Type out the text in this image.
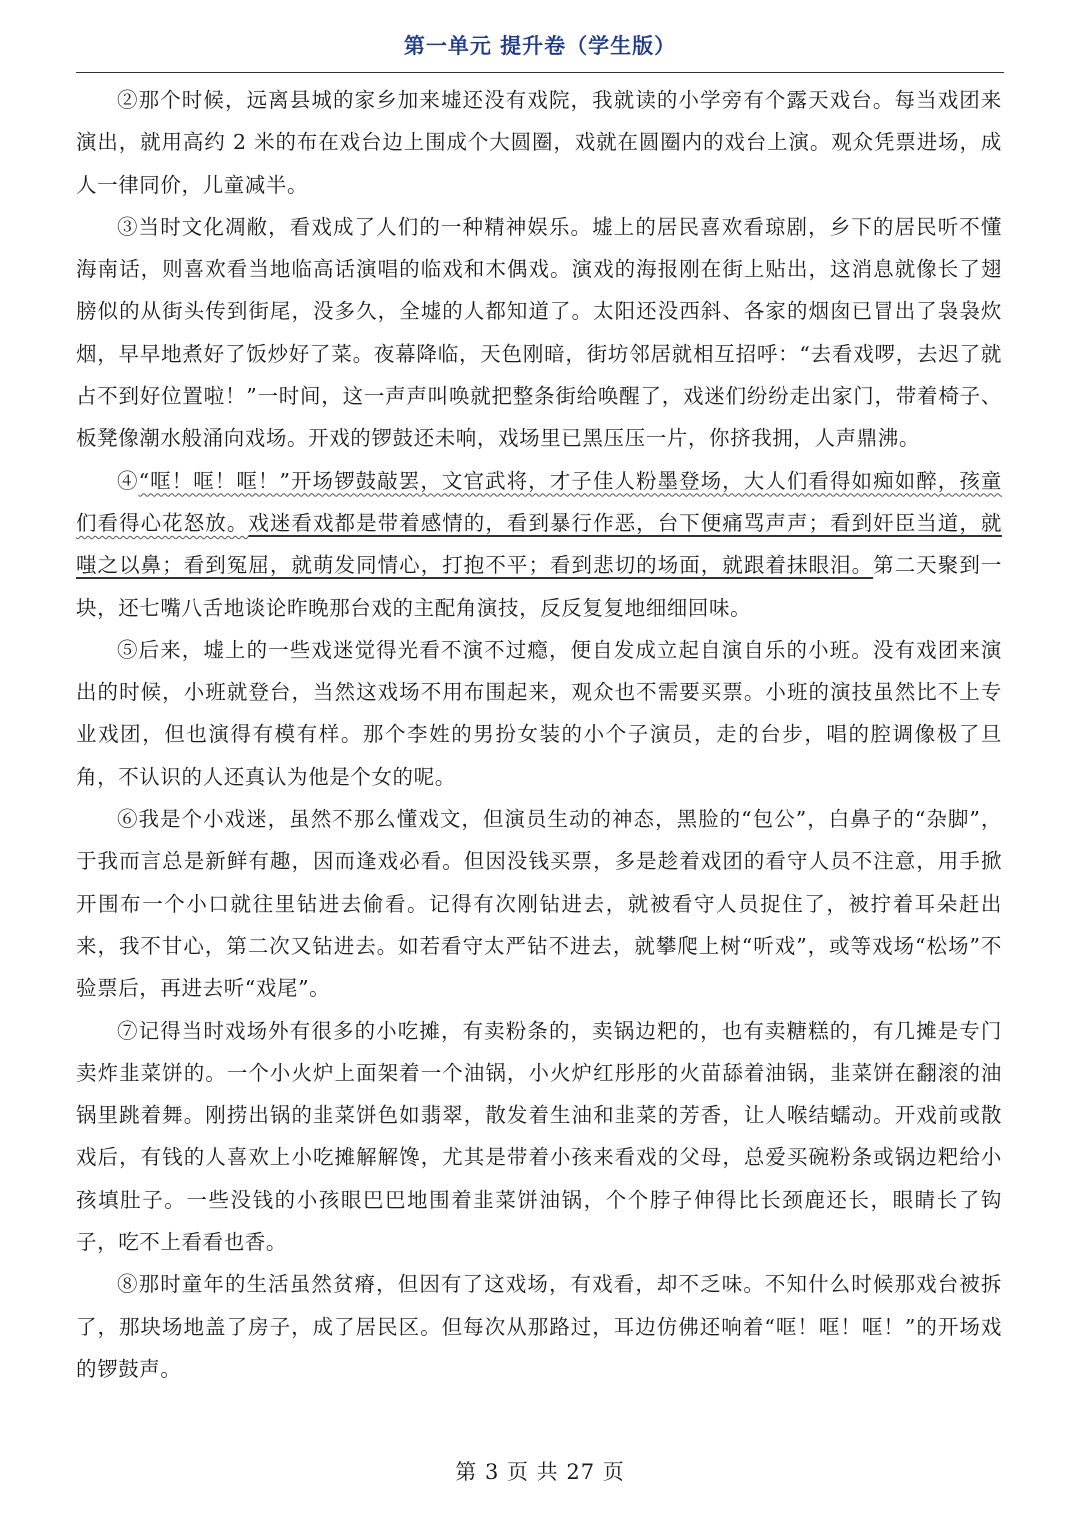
第一单元 提升卷（学生版）

②那个时候，远离县城的家乡加来墟还没有戏院，我就读的小学旁有个露天戏台。每当戏团来演出，就用高约 2 米的布在戏台边上围成个大圆圈，戏就在圆圈内的戏台上演。观众凭票进场，成人一律同价，儿童减半。

③当时文化凋敝，看戏成了人们的一种精神娱乐。墟上的居民喜欢看琼剧，乡下的居民听不懂海南话，则喜欢看当地临高话演唱的临戏和木偶戏。演戏的海报刚在街上贴出，这消息就像长了翅膀似的从街头传到街尾，没多久，全墟的人都知道了。太阳还没西斜、各家的烟囱已冒出了袅袅炊烟，早早地煮好了饭炒好了菜。夜幕降临，天色刚暗，街坊邻居就相互招呼：“去看戏啰，去迟了就占不到好位置啦！”一时间，这一声声叫唤就把整条街给唤醒了，戏迷们纷纷走出家门，带着椅子、板凳像潮水般涌向戏场。开戏的锣鼓还未响，戏场里已黑压压一片，你挤我拥，人声鼎沸。

④“哐！哐！哐！”开场锣鼓敲罢，文官武将，才子佳人粉墨登场，大人们看得如痴如醉，孩童们看得心花怒放。戏迷看戏都是带着感情的，看到暴行作恶，台下便痛骂声声；看到奸臣当道，就嗤之以鼻；看到冤屈，就萌发同情心，打抱不平；看到悲切的场面，就跟着抹眼泪。第二天聚到一块，还七嘴八舌地谈论昨晚那台戏的主配角演技，反反复复地细细回味。

⑤后来，墟上的一些戏迷觉得光看不演不过瘾，便自发成立起自演自乐的小班。没有戏团来演出的时候，小班就登台，当然这戏场不用布围起来，观众也不需要买票。小班的演技虽然比不上专业戏团，但也演得有模有样。那个李姓的男扮女装的小个子演员，走的台步，唱的腔调像极了旦角，不认识的人还真认为他是个女的呢。

⑥我是个小戏迷，虽然不那么懂戏文，但演员生动的神态，黑脸的“包公”，白鼻子的“杂脚”，于我而言总是新鲜有趣，因而逢戏必看。但因没钱买票，多是趁着戏团的看守人员不注意，用手掀开围布一个小口就往里钻进去偷看。记得有次刚钻进去，就被看守人员捉住了，被拧着耳朵赶出来，我不甘心，第二次又钻进去。如若看守太严钻不进去，就攀爬上树“听戏”，或等戏场“松场”不验票后，再进去听“戏尾”。

⑦记得当时戏场外有很多的小吃摊，有卖粉条的，卖锅边粑的，也有卖糖糕的，有几摊是专门卖炸韭菜饼的。一个小火炉上面架着一个油锅，小火炉红彤彤的火苗舔着油锅，韭菜饼在翻滚的油锅里跳着舞。刚捞出锅的韭菜饼色如翡翠，散发着生油和韭菜的芳香，让人喉结蠕动。开戏前或散戏后，有钱的人喜欢上小吃摊解解馋，尤其是带着小孩来看戏的父母，总爱买碗粉条或锅边粑给小孩填肚子。一些没钱的小孩眼巴巴地围着韭菜饼油锅，个个脖子伸得比长颈鹿还长，眼睛长了钩子，吃不上看看也香。

⑧那时童年的生活虽然贫瘠，但因有了这戏场，有戏看，却不乏味。不知什么时候那戏台被拆了，那块场地盖了房子，成了居民区。但每次从那路过，耳边仿佛还响着“哐！哐！哐！”的开场戏的锣鼓声。

第 3 页 共 27 页
